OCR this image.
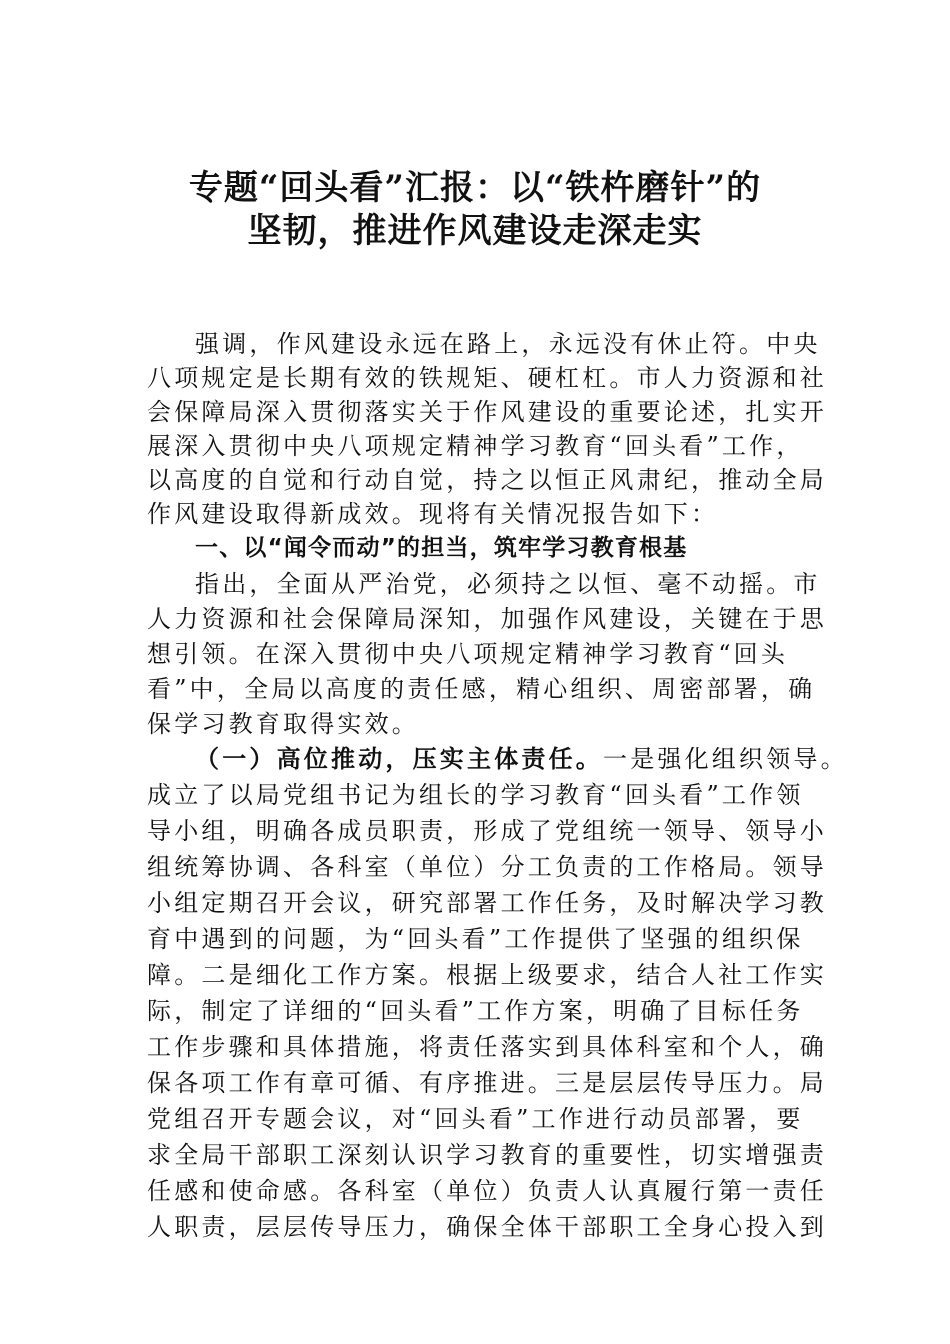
专题“回头看”汇报：以“铁杵磨针”的
坚韧，推进作风建设走深走实
强调，作风建设永远在路上，永远没有休止符。中央
八项规定是长期有效的铁规矩、硬杠杠。市人力资源和社
会保障局深入贯彻落实关于作风建设的重要论述，扎实开
展深入贯彻中央八项规定精神学习教育“回头看”工作，
以高度的自觉和行动自觉，持之以恒正风肃纪，推动全局
作风建设取得新成效。现将有关情况报告如下：
一、以“闻令而动”的担当，筑牢学习教育根基
指出，全面从严治党，必须持之以恒、毫不动摇。市
人力资源和社会保障局深知，加强作风建设，关键在于思
想引领。在深入贯彻中央八项规定精神学习教育“回头
看”中，全局以高度的责任感，精心组织、周密部署，确
保学习教育取得实效。
（一）高位推动，压实主体责任。一是强化组织领导。
成立了以局党组书记为组长的学习教育“回头看”工作领
导小组，明确各成员职责，形成了党组统一领导、领导小
组统筹协调、各科室（单位）分工负责的工作格局。领导
小组定期召开会议，研究部署工作任务，及时解决学习教
育中遇到的问题，为“回头看”工作提供了坚强的组织保
障。二是细化工作方案。根据上级要求，结合人社工作实
际，制定了详细的“回头看”工作方案，明确了目标任务
工作步骤和具体措施，将责任落实到具体科室和个人，确
保各项工作有章可循、有序推进。三是层层传导压力。局
党组召开专题会议，对“回头看”工作进行动员部署，要
求全局干部职工深刻认识学习教育的重要性，切实增强责
任感和使命感。各科室（单位）负责人认真履行第一责任
人职责，层层传导压力，确保全体干部职工全身心投入到
